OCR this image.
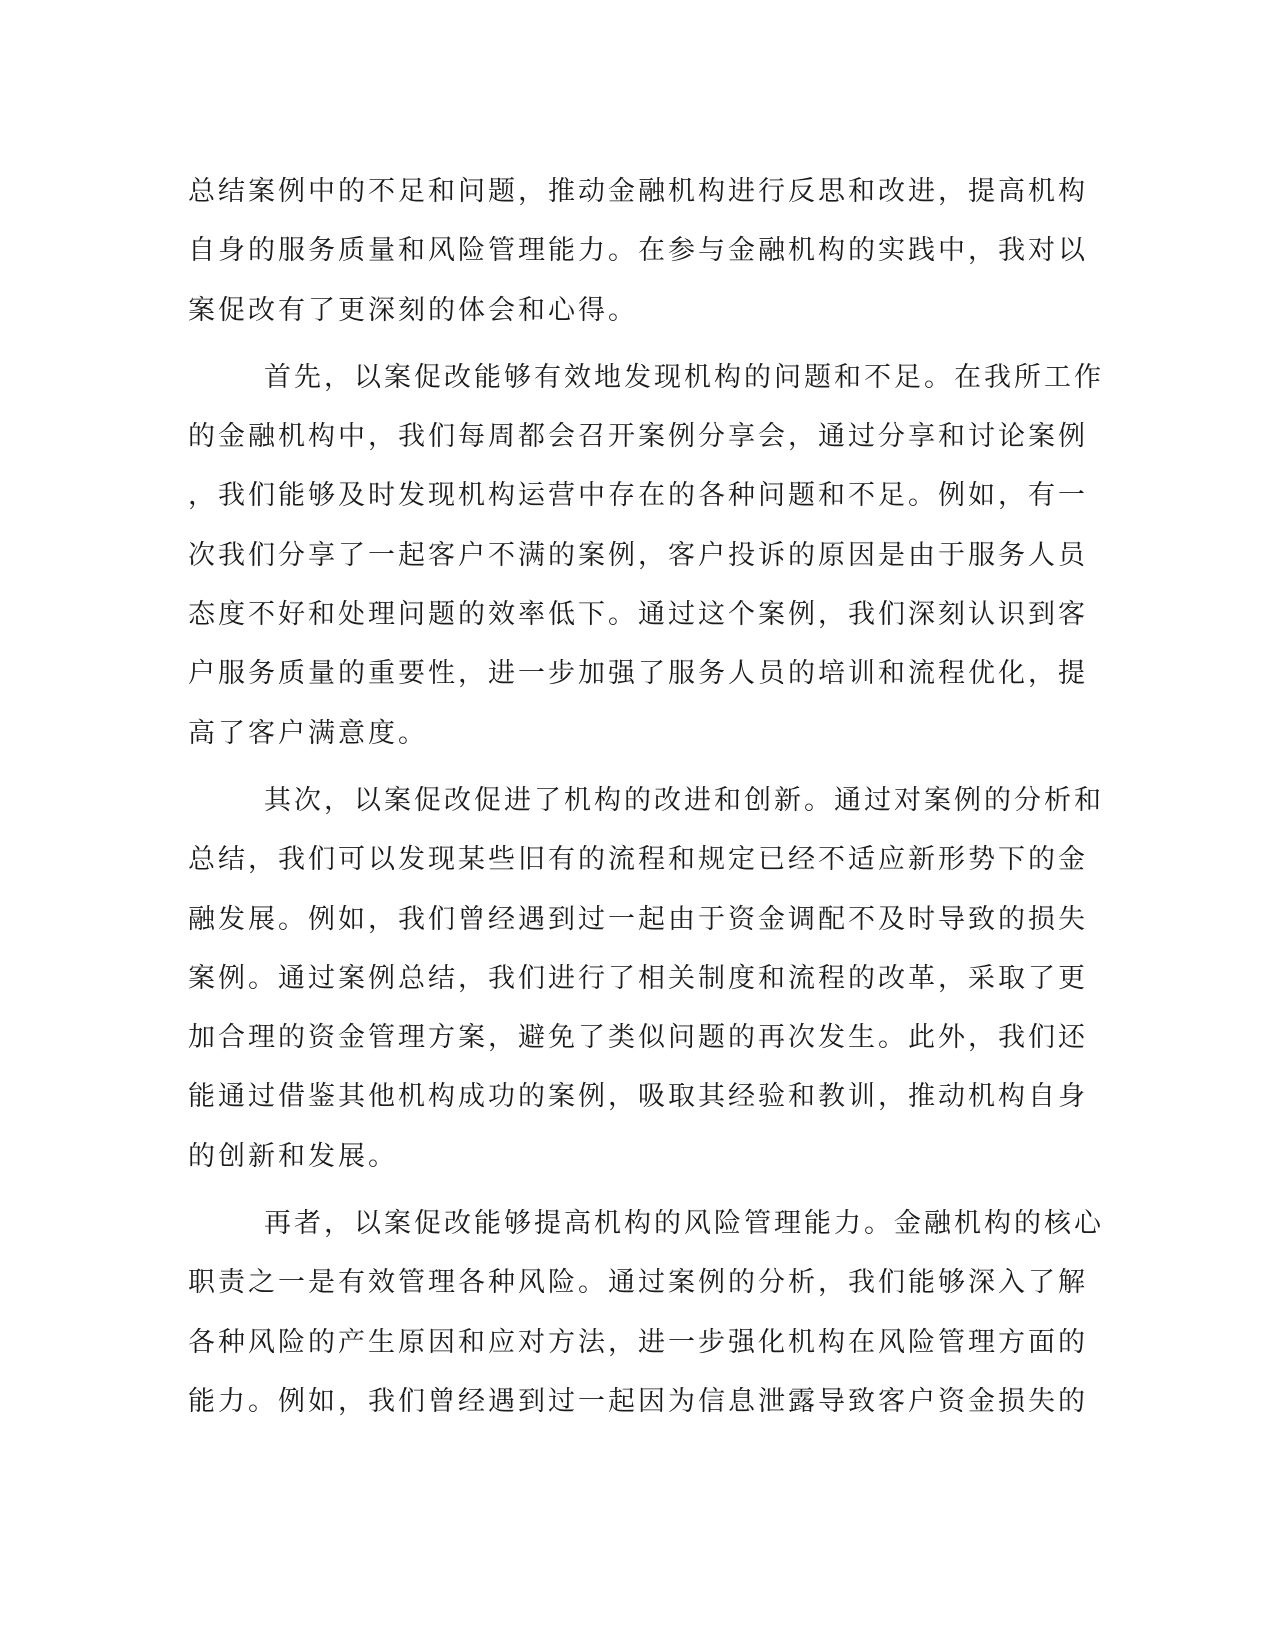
总结案例中的不足和问题，推动金融机构进行反思和改进，提高机构
自身的服务质量和风险管理能力。在参与金融机构的实践中，我对以
案促改有了更深刻的体会和心得。
首先，以案促改能够有效地发现机构的问题和不足。在我所工作
的金融机构中，我们每周都会召开案例分享会，通过分享和讨论案例
，我们能够及时发现机构运营中存在的各种问题和不足。例如，有一
次我们分享了一起客户不满的案例，客户投诉的原因是由于服务人员
态度不好和处理问题的效率低下。通过这个案例，我们深刻认识到客
户服务质量的重要性，进一步加强了服务人员的培训和流程优化，提
高了客户满意度。
其次，以案促改促进了机构的改进和创新。通过对案例的分析和
总结，我们可以发现某些旧有的流程和规定已经不适应新形势下的金
融发展。例如，我们曾经遇到过一起由于资金调配不及时导致的损失
案例。通过案例总结，我们进行了相关制度和流程的改革，采取了更
加合理的资金管理方案，避免了类似问题的再次发生。此外，我们还
能通过借鉴其他机构成功的案例，吸取其经验和教训，推动机构自身
的创新和发展。
再者，以案促改能够提高机构的风险管理能力。金融机构的核心
职责之一是有效管理各种风险。通过案例的分析，我们能够深入了解
各种风险的产生原因和应对方法，进一步强化机构在风险管理方面的
能力。例如，我们曾经遇到过一起因为信息泄露导致客户资金损失的
